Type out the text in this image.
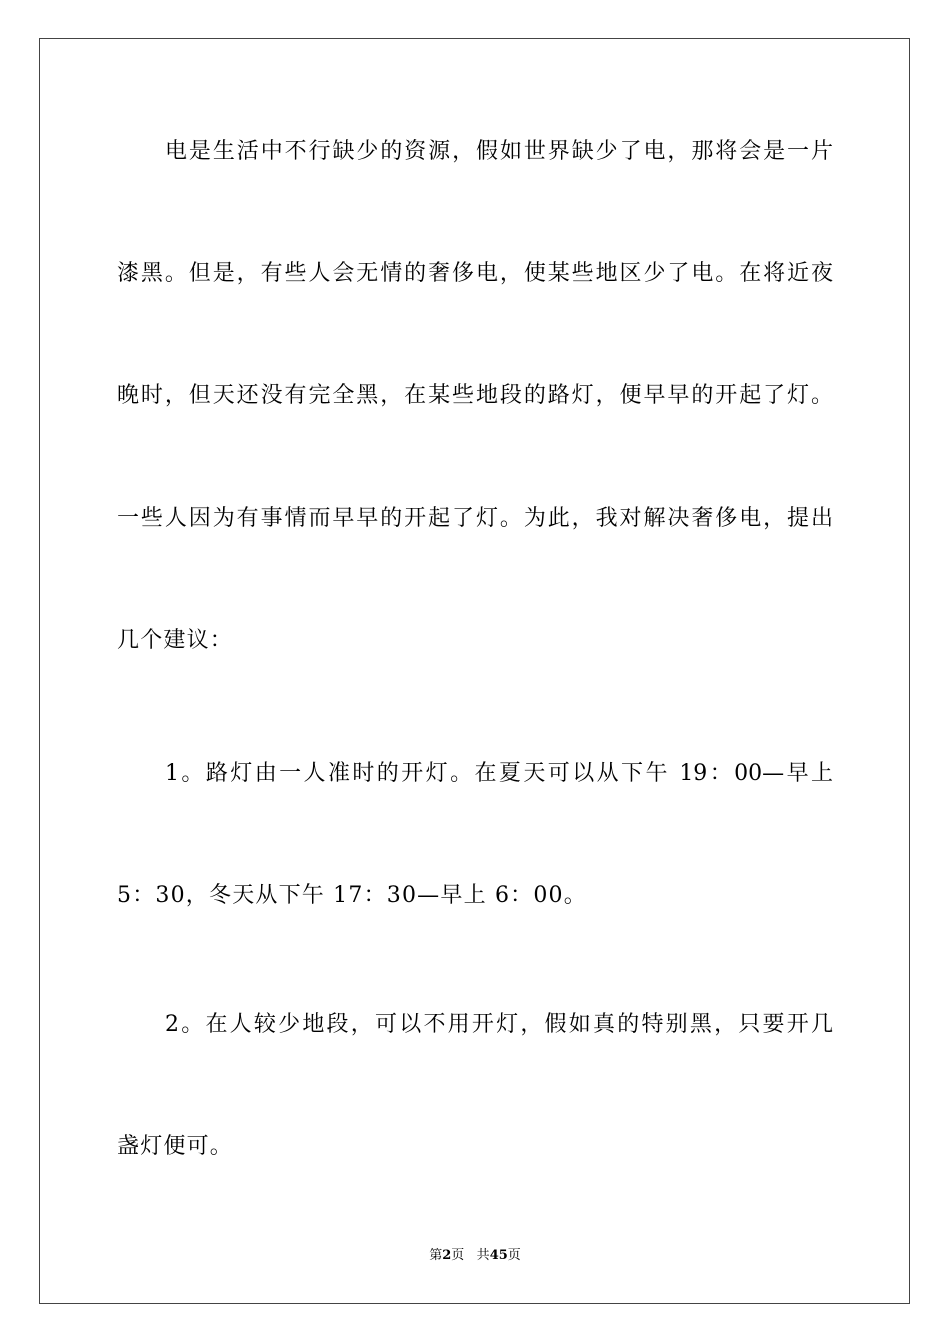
电是生活中不行缺少的资源，假如世界缺少了电，那将会是一片
漆黑。但是，有些人会无情的奢侈电，使某些地区少了电。在将近夜
晚时，但天还没有完全黑，在某些地段的路灯，便早早的开起了灯。
一些人因为有事情而早早的开起了灯。为此，我对解决奢侈电，提出
几个建议：
1。路灯由一人准时的开灯。在夏天可以从下午 19：00—早上
5：30，冬天从下午 17：30—早上 6：00。
2。在人较少地段，可以不用开灯，假如真的特别黑，只要开几
盏灯便可。
第2页 共45页
